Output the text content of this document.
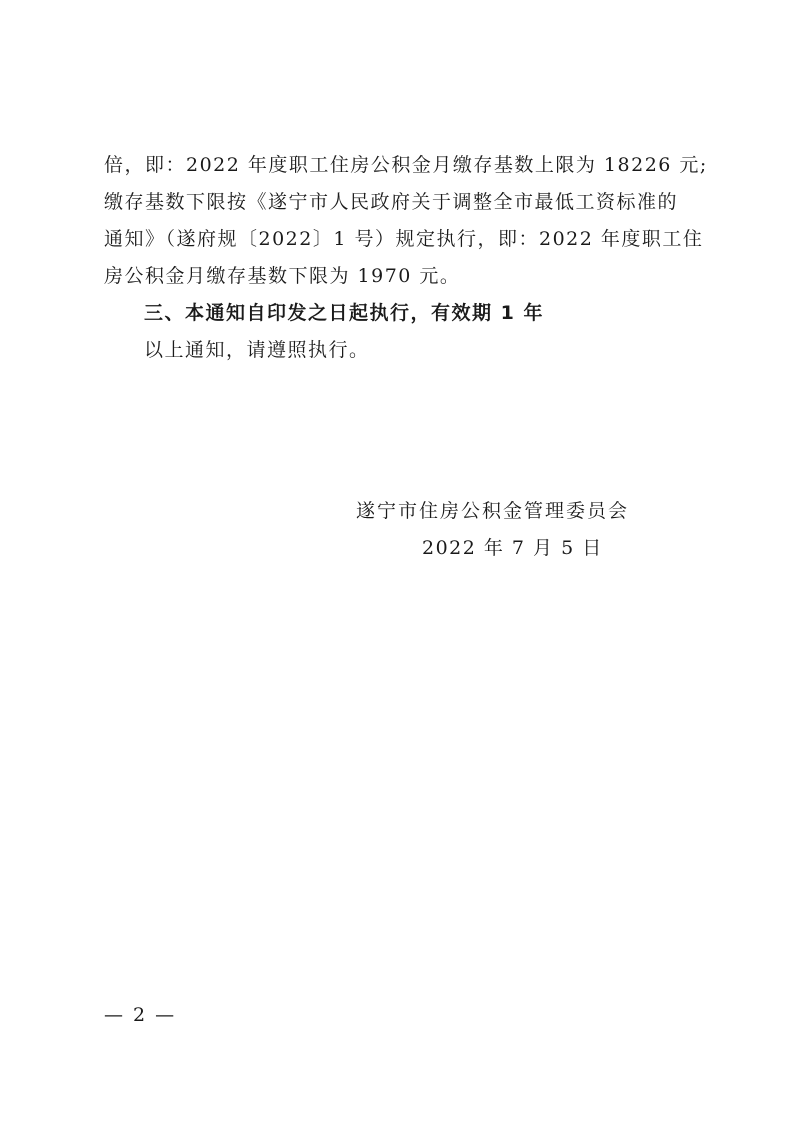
倍，即：2022 年度职工住房公积金月缴存基数上限为 18226 元;
缴存基数下限按《遂宁市人民政府关于调整全市最低工资标准的
通知》（遂府规〔2022〕1 号）规定执行，即：2022 年度职工住
房公积金月缴存基数下限为 1970 元。
三、本通知自印发之日起执行，有效期 1 年
以上通知，请遵照执行。
遂宁市住房公积金管理委员会
2022 年 7 月 5 日
— 2 —
